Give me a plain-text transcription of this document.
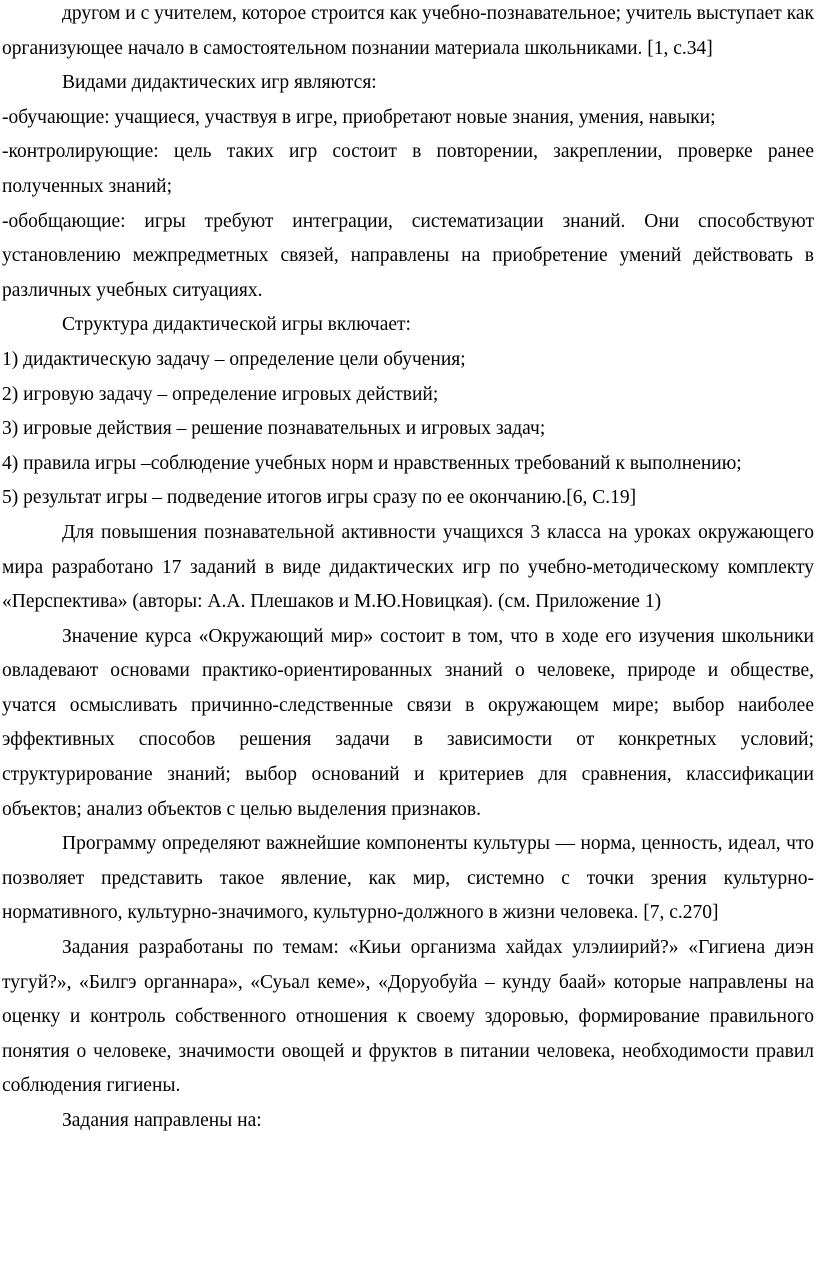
другом и с учителем, которое строится как учебно-познавательное; учитель выступает как организующее начало в самостоятельном познании материала школьниками. [1, с.34]

Видами дидактических игр являются:

-обучающие: учащиеся, участвуя в игре, приобретают новые знания, умения, навыки;

-контролирующие: цель таких игр состоит в повторении, закреплении, проверке ранее полученных знаний;

-обобщающие: игры требуют интеграции, систематизации знаний. Они способствуют установлению межпредметных связей, направлены на приобретение умений действовать в различных учебных ситуациях.

Структура дидактической игры включает:

1) дидактическую задачу – определение цели обучения;

2) игровую задачу – определение игровых действий;

3) игровые действия – решение познавательных и игровых задач;

4) правила игры –соблюдение учебных норм и нравственных требований к выполнению;

5) результат игры – подведение итогов игры сразу по ее окончанию.[6, С.19]

Для повышения познавательной активности учащихся 3 класса на уроках окружающего мира разработано 17 заданий в виде дидактических игр по учебно-методическому комплекту «Перспектива» (авторы: А.А. Плешаков и М.Ю.Новицкая). (см. Приложение 1)

Значение курса «Окружающий мир» состоит в том, что в ходе его изучения школьники овладевают основами практико-ориентированных знаний о человеке, природе и обществе, учатся осмысливать причинно-следственные связи в окружающем мире; выбор наиболее эффективных способов решения задачи в зависимости от конкретных условий; структурирование знаний; выбор оснований и критериев для сравнения, классификации объектов; анализ объектов с целью выделения признаков.

Программу определяют важнейшие компоненты культуры — норма, ценность, идеал, что позволяет представить такое явление, как мир, системно с точки зрения культурно-нормативного, культурно-значимого, культурно-должного в жизни человека. [7, с.270]

Задания разработаны по темам: «Киьи организма хайдах улэлиирий?» «Гигиена диэн тугуй?», «Билгэ органнара», «Суьал кеме», «Доруобуйа – кунду баай» которые направлены на оценку и контроль собственного отношения к своему здоровью, формирование правильного понятия о человеке, значимости овощей и фруктов в питании человека, необходимости правил соблюдения гигиены.

Задания направлены на:
